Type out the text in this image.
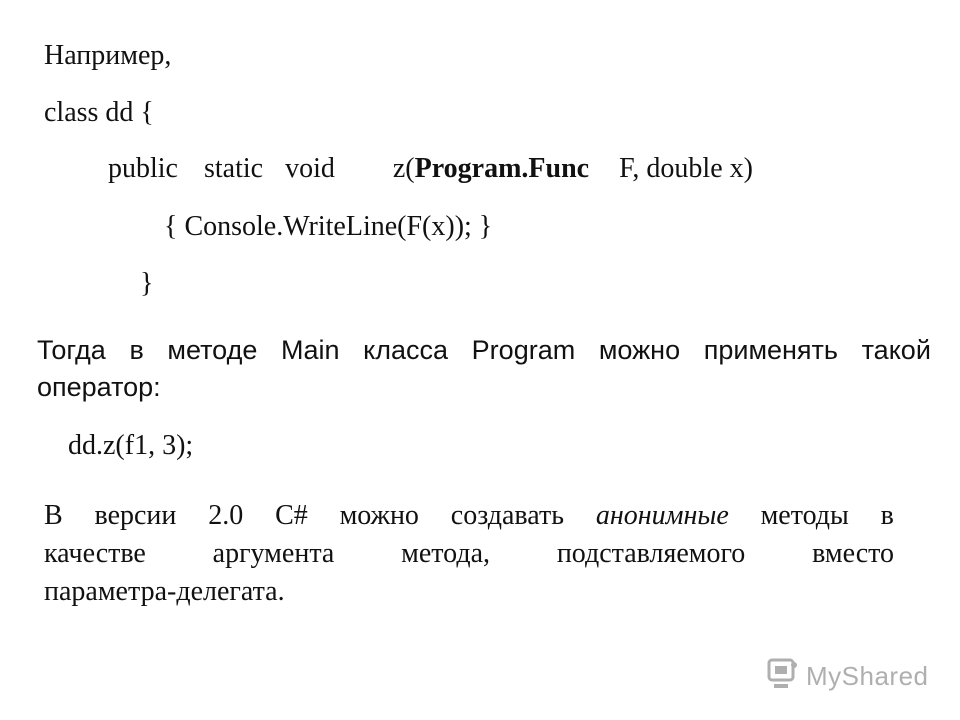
Например,
class dd {
public static void z(Program.Func F, double x)
{ Console.WriteLine(F(x)); }
}
Тогда в методе Main класса Program можно применять такой
оператор:
dd.z(f1, 3);
В версии 2.0 C# можно создавать анонимные методы в
качестве аргумента метода, подставляемого вместо
параметра-делегата.
MyShared
